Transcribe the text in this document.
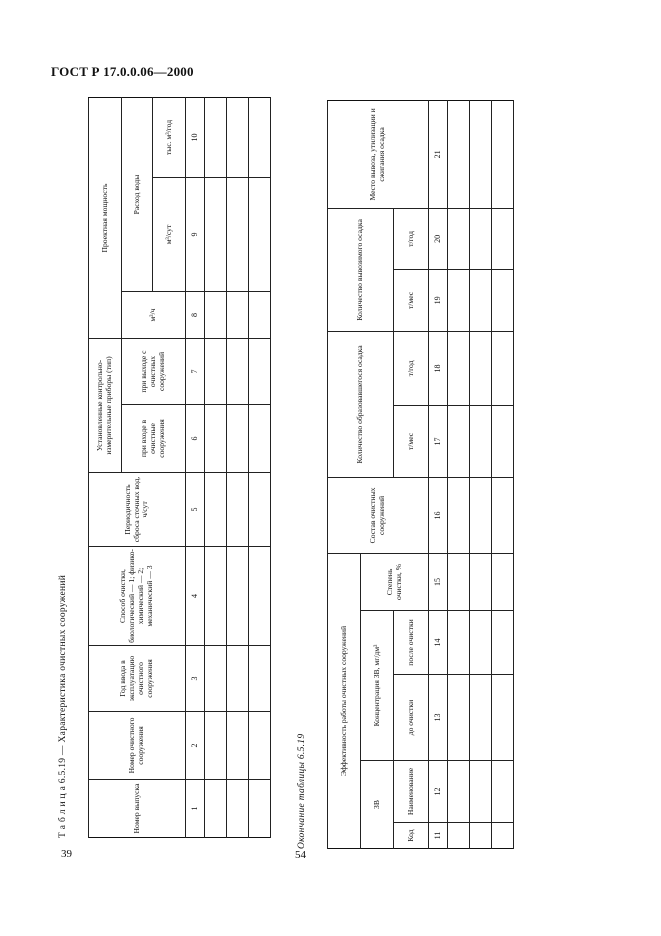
ГОСТ Р 17.0.0.06—2000
Т а б л и ц а 6.5.19 — Характеристика очистных сооружений
Номер выпуска	Номер очистного сооружения	Год ввода в эксплуатацию очистного сооружения	Способ очистки, биологический — 1; физико-химический — 2; механический — 3	Периодичность сброса сточных вод, ч/сут	Установленные контрольно-измерительные приборы (тип)		Проектная мощность		
					при входе в очистные сооружения	при выходе с очистных сооружений	м³/ч	Расход воды	
								м³/сут	тыс. м³/год
1	2	3	4	5	6	7	8	9	10

39
Окончание таблицы 6.5.19
Эффективность работы очистных сооружений					Состав очистных сооружений	Количество образовавшегося осадка		Количество вывозимого осадка		Место вывоза, утилизации и сжигания осадка
ЗВ		Концентрация ЗВ, мг/дм³		Степень очистки, %						
Код	Наименование	до очистки	после очистки			т/мес	т/год	т/мес	т/год	
11	12	13	14	15	16	17	18	19	20	21

54
